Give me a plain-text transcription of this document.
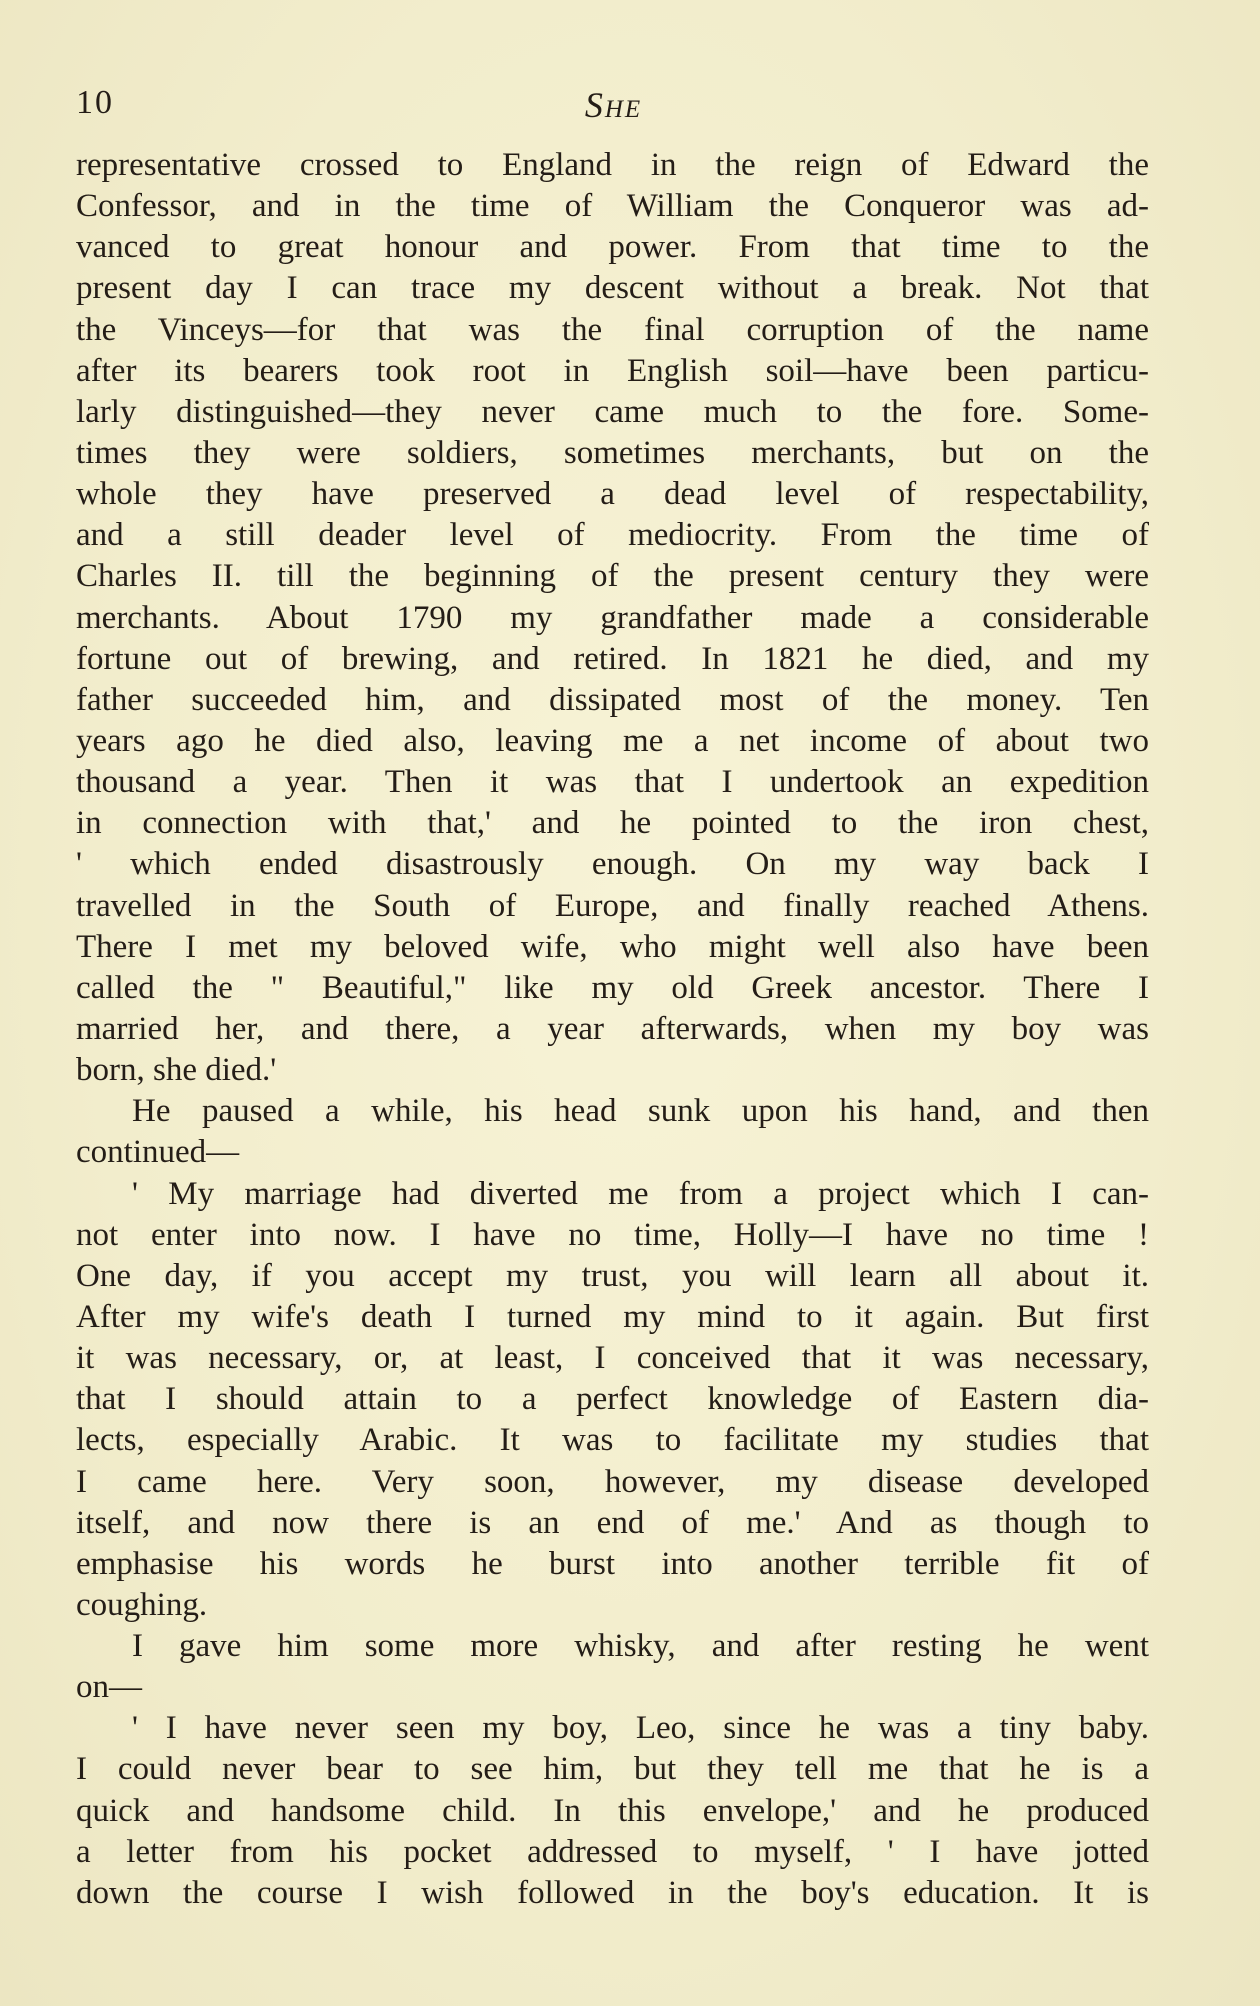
10	She
representative crossed to England in the reign of Edward the
Confessor, and in the time of William the Conqueror was ad-
vanced to great honour and power. From that time to the
present day I can trace my descent without a break. Not that
the Vinceys—for that was the final corruption of the name
after its bearers took root in English soil—have been particu-
larly distinguished—they never came much to the fore. Some-
times they were soldiers, sometimes merchants, but on the
whole they have preserved a dead level of respectability,
and a still deader level of mediocrity. From the time of
Charles II. till the beginning of the present century they were
merchants. About 1790 my grandfather made a considerable
fortune out of brewing, and retired. In 1821 he died, and my
father succeeded him, and dissipated most of the money. Ten
years ago he died also, leaving me a net income of about two
thousand a year. Then it was that I undertook an expedition
in connection with that,' and he pointed to the iron chest,
' which ended disastrously enough. On my way back I
travelled in the South of Europe, and finally reached Athens.
There I met my beloved wife, who might well also have been
called the " Beautiful," like my old Greek ancestor. There I
married her, and there, a year afterwards, when my boy was
born, she died.'
He paused a while, his head sunk upon his hand, and then
continued—
' My marriage had diverted me from a project which I can-
not enter into now. I have no time, Holly—I have no time !
One day, if you accept my trust, you will learn all about it.
After my wife's death I turned my mind to it again. But first
it was necessary, or, at least, I conceived that it was necessary,
that I should attain to a perfect knowledge of Eastern dia-
lects, especially Arabic. It was to facilitate my studies that
I came here. Very soon, however, my disease developed
itself, and now there is an end of me.' And as though to
emphasise his words he burst into another terrible fit of
coughing.
I gave him some more whisky, and after resting he went
on—
' I have never seen my boy, Leo, since he was a tiny baby.
I could never bear to see him, but they tell me that he is a
quick and handsome child. In this envelope,' and he produced
a letter from his pocket addressed to myself, ' I have jotted
down the course I wish followed in the boy's education. It is
